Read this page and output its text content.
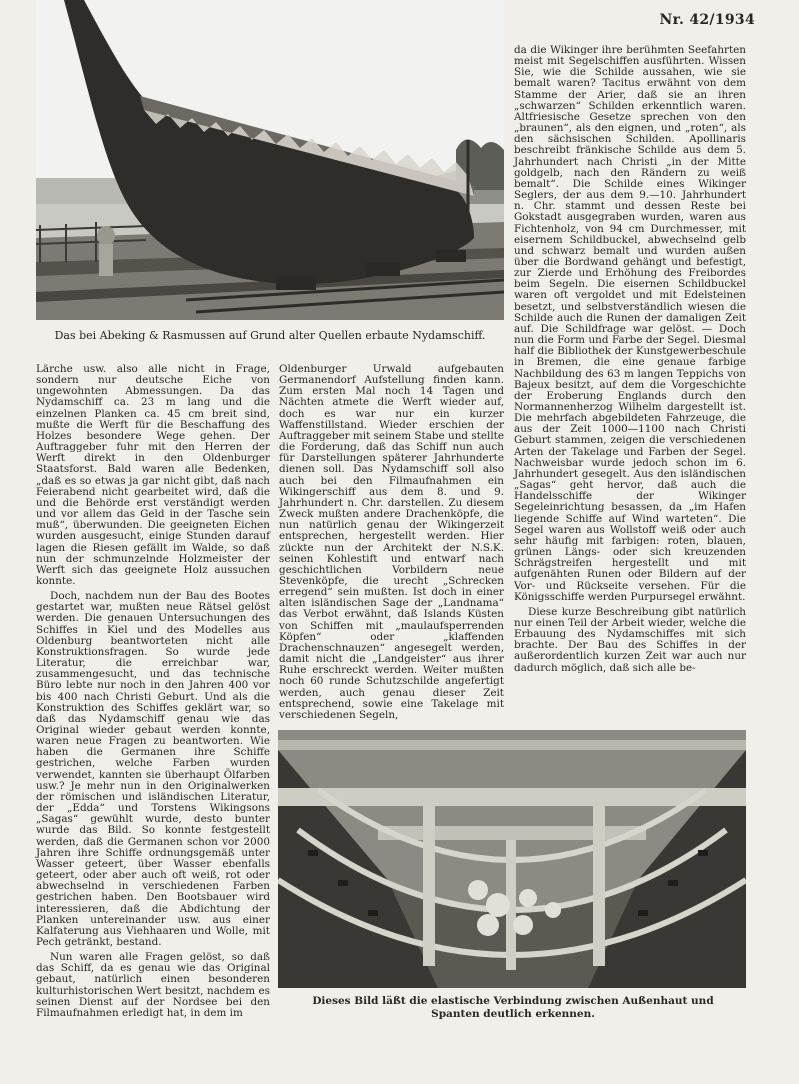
Nr. 42/1934
Das bei Abeking & Rasmussen auf Grund alter Quellen erbaute Nydamschiff.

Lärche usw. also alle nicht in Frage, sondern nur deutsche Eiche von ungewohnten Abmessungen. Da das Nydamschiff ca. 23 m lang und die einzelnen Planken ca. 45 cm breit sind, mußte die Werft für die Beschaffung des Holzes besondere Wege gehen. Der Auftraggeber fuhr mit den Herren der Werft direkt in den Oldenburger Staatsforst. Bald waren alle Bedenken, „daß es so etwas ja gar nicht gibt, daß nach Feierabend nicht gearbeitet wird, daß die und die Behörde erst verständigt werden und vor allem das Geld in der Tasche sein muß“, überwunden. Die geeigneten Eichen wurden ausgesucht, einige Stunden darauf lagen die Riesen gefällt im Walde, so daß nun der schmunzelnde Holzmeister der Werft sich das geeignete Holz aussuchen konnte.

Doch, nachdem nun der Bau des Bootes gestartet war, mußten neue Rätsel gelöst werden. Die genauen Untersuchungen des Schiffes in Kiel und des Modelles aus Oldenburg beantworteten nicht alle Konstruktionsfragen. So wurde jede Literatur, die erreichbar war, zusammengesucht, und das technische Büro lebte nur noch in den Jahren 400 vor bis 400 nach Christi Geburt. Und als die Konstruktion des Schiffes geklärt war, so daß das Nydamschiff genau wie das Original wieder gebaut werden konnte, waren neue Fragen zu beantworten. Wie haben die Germanen ihre Schiffe gestrichen, welche Farben wurden verwendet, kannten sie überhaupt Ölfarben usw.? Je mehr nun in den Originalwerken der römischen und isländischen Literatur, der „Edda“ und Torstens Wikingsons „Sagas“ gewühlt wurde, desto bunter wurde das Bild. So konnte festgestellt werden, daß die Germanen schon vor 2000 Jahren ihre Schiffe ordnungsgemäß unter Wasser geteert, über Wasser ebenfalls geteert, oder aber auch oft weiß, rot oder abwechselnd in verschiedenen Farben gestrichen haben. Den Bootsbauer wird interessieren, daß die Abdichtung der Planken untereinander usw. aus einer Kalfaterung aus Viehhaaren und Wolle, mit Pech getränkt, bestand.

Nun waren alle Fragen gelöst, so daß das Schiff, da es genau wie das Original gebaut, natürlich einen besonderen kulturhistorischen Wert besitzt, nachdem es seinen Dienst auf der Nordsee bei den Filmaufnahmen erledigt hat, in dem im

Oldenburger Urwald aufgebauten Germanendorf Aufstellung finden kann. Zum ersten Mal noch 14 Tagen und Nächten atmete die Werft wieder auf, doch es war nur ein kurzer Waffenstillstand. Wieder erschien der Auftraggeber mit seinem Stabe und stellte die Forderung, daß das Schiff nun auch für Darstellungen späterer Jahrhunderte dienen soll. Das Nydamschiff soll also auch bei den Filmaufnahmen ein Wikingerschiff aus dem 8. und 9. Jahrhundert n. Chr. darstellen. Zu diesem Zweck mußten andere Drachenköpfe, die nun natürlich genau der Wikingerzeit entsprechen, hergestellt werden. Hier zückte nun der Architekt der N.S.K. seinen Kohlestift und entwarf nach geschichtlichen Vorbildern neue Stevenköpfe, die urecht „Schrecken erregend“ sein mußten. Ist doch in einer alten isländischen Sage der „Landnama“ das Verbot erwähnt, daß Islands Küsten von Schiffen mit „maulaufsperrenden Köpfen“ oder „klaffenden Drachenschnauzen“ angesegelt werden, damit nicht die „Landgeister“ aus ihrer Ruhe erschreckt werden. Weiter mußten noch 60 runde Schutzschilde angefertigt werden, auch genau dieser Zeit entsprechend, sowie eine Takelage mit verschiedenen Segeln,

da die Wikinger ihre berühmten Seefahrten meist mit Segelschiffen ausführten. Wissen Sie, wie die Schilde aussahen, wie sie bemalt waren? Tacitus erwähnt von dem Stamme der Arier, daß sie an ihren „schwarzen“ Schilden erkenntlich waren. Altfriesische Gesetze sprechen von den „braunen“, als den eignen, und „roten“, als den sächsischen Schilden. Apollinaris beschreibt fränkische Schilde aus dem 5. Jahrhundert nach Christi „in der Mitte goldgelb, nach den Rändern zu weiß bemalt“. Die Schilde eines Wikinger Seglers, der aus dem 9.—10. Jahrhundert n. Chr. stammt und dessen Reste bei Gokstadt ausgegraben wurden, waren aus Fichtenholz, von 94 cm Durchmesser, mit eisernem Schildbuckel, abwechselnd gelb und schwarz bemalt und wurden außen über die Bordwand gehängt und befestigt, zur Zierde und Erhöhung des Freibordes beim Segeln. Die eisernen Schildbuckel waren oft vergoldet und mit Edelsteinen besetzt, und selbstverständlich wiesen die Schilde auch die Runen der damaligen Zeit auf. Die Schildfrage war gelöst. — Doch nun die Form und Farbe der Segel. Diesmal half die Bibliothek der Kunstgewerbeschule in Bremen, die eine genaue farbige Nachbildung des 63 m langen Teppichs von Bajeux besitzt, auf dem die Vorgeschichte der Eroberung Englands durch den Normannenherzog Wilhelm dargestellt ist. Die mehrfach abgebildeten Fahrzeuge, die aus der Zeit 1000—1100 nach Christi Geburt stammen, zeigen die verschiedenen Arten der Takelage und Farben der Segel. Nachweisbar wurde jedoch schon im 6. Jahrhundert gesegelt. Aus den isländischen „Sagas“ geht hervor, daß auch die Handelsschiffe der Wikinger Segeleinrichtung besassen, da „im Hafen liegende Schiffe auf Wind warteten“. Die Segel waren aus Wollstoff weiß oder auch sehr häufig mit farbigen: roten, blauen, grünen Längs- oder sich kreuzenden Schrägstreifen hergestellt und mit aufgenähten Runen oder Bildern auf der Vor- und Rückseite versehen. Für die Königsschiffe werden Purpursegel erwähnt.

Diese kurze Beschreibung gibt natürlich nur einen Teil der Arbeit wieder, welche die Erbauung des Nydamschiffes mit sich brachte. Der Bau des Schiffes in der außerordentlich kurzen Zeit war auch nur dadurch möglich, daß sich alle be-

Dieses Bild läßt die elastische Verbindung zwischen Außenhaut und Spanten deutlich erkennen.
